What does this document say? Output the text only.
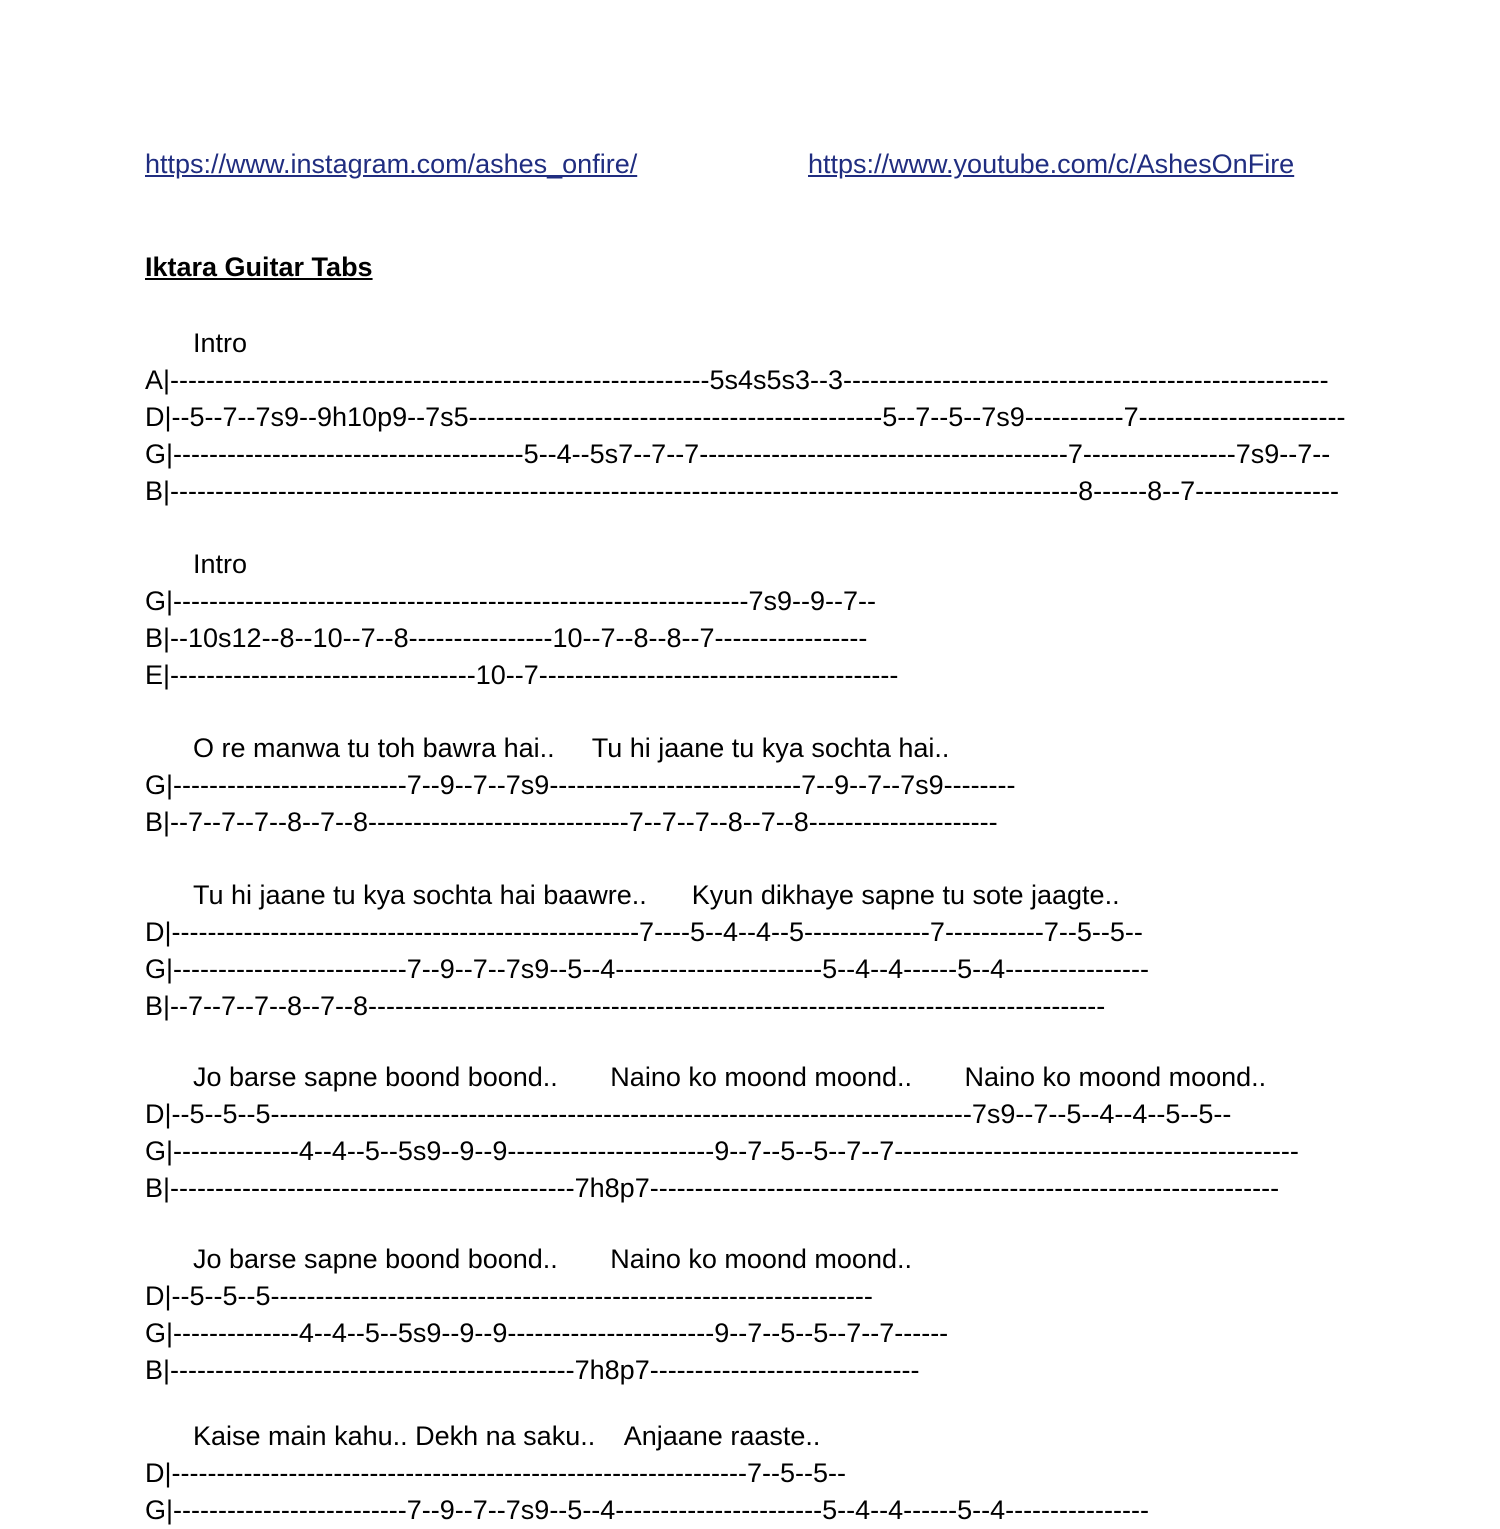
https://www.instagram.com/ashes_onfire/	https://www.youtube.com/c/AshesOnFire
Iktara Guitar Tabs
Intro
A|------------------------------------------------------------5s4s5s3--3------------------------------------------------------
D|--5--7--7s9--9h10p9--7s5----------------------------------------------5--7--5--7s9-----------7-----------------------
G|---------------------------------------5--4--5s7--7--7-----------------------------------------7-----------------7s9--7--
B|-----------------------------------------------------------------------------------------------------8------8--7----------------
Intro
G|----------------------------------------------------------------7s9--9--7--
B|--10s12--8--10--7--8----------------10--7--8--8--7-----------------
E|----------------------------------10--7----------------------------------------
O re manwa tu toh bawra hai..     Tu hi jaane tu kya sochta hai..
G|--------------------------7--9--7--7s9----------------------------7--9--7--7s9--------
B|--7--7--7--8--7--8-----------------------------7--7--7--8--7--8---------------------
Tu hi jaane tu kya sochta hai baawre..      Kyun dikhaye sapne tu sote jaagte..
D|----------------------------------------------------7----5--4--4--5--------------7-----------7--5--5--
G|--------------------------7--9--7--7s9--5--4-----------------------5--4--4------5--4----------------
B|--7--7--7--8--7--8----------------------------------------------------------------------------------
Jo barse sapne boond boond..       Naino ko moond moond..       Naino ko moond moond..
D|--5--5--5------------------------------------------------------------------------------7s9--7--5--4--4--5--5--
G|--------------4--4--5--5s9--9--9-----------------------9--7--5--5--7--7---------------------------------------------
B|---------------------------------------------7h8p7----------------------------------------------------------------------
Jo barse sapne boond boond..       Naino ko moond moond..
D|--5--5--5-------------------------------------------------------------------
G|--------------4--4--5--5s9--9--9-----------------------9--7--5--5--7--7------
B|---------------------------------------------7h8p7------------------------------
Kaise main kahu.. Dekh na saku..    Anjaane raaste..
D|----------------------------------------------------------------7--5--5--
G|--------------------------7--9--7--7s9--5--4-----------------------5--4--4------5--4----------------
